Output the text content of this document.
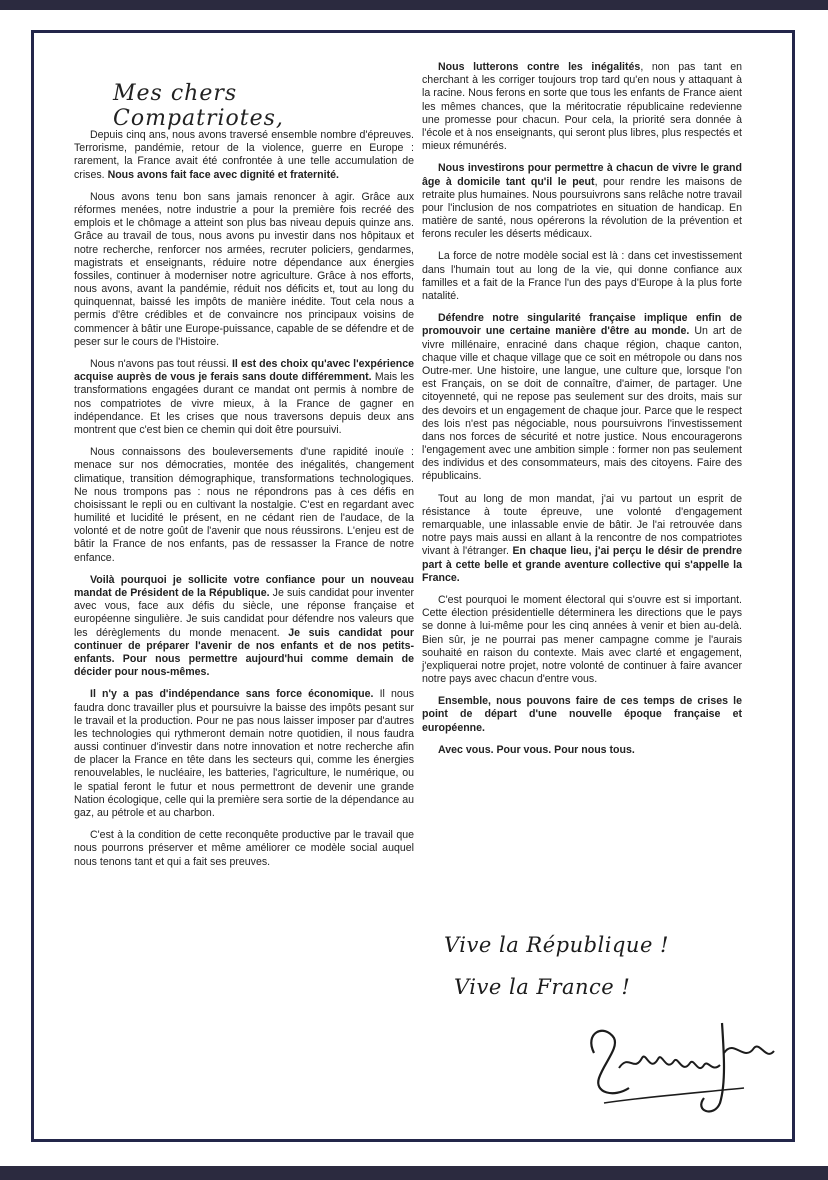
Mes chers Compatriotes,

Depuis cinq ans, nous avons traversé ensemble nombre d'épreuves. Terrorisme, pandémie, retour de la violence, guerre en Europe : rarement, la France avait été confrontée à une telle accumulation de crises. Nous avons fait face avec dignité et fraternité.

Nous avons tenu bon sans jamais renoncer à agir. Grâce aux réformes menées, notre industrie a pour la première fois recréé des emplois et le chômage a atteint son plus bas niveau depuis quinze ans. Grâce au travail de tous, nous avons pu investir dans nos hôpitaux et notre recherche, renforcer nos armées, recruter policiers, gendarmes, magistrats et enseignants, réduire notre dépendance aux énergies fossiles, continuer à moderniser notre agriculture. Grâce à nos efforts, nous avons, avant la pandémie, réduit nos déficits et, tout au long du quinquennat, baissé les impôts de manière inédite. Tout cela nous a permis d'être crédibles et de convaincre nos principaux voisins de commencer à bâtir une Europe-puissance, capable de se défendre et de peser sur le cours de l'Histoire.

Nous n'avons pas tout réussi. Il est des choix qu'avec l'expérience acquise auprès de vous je ferais sans doute différemment. Mais les transformations engagées durant ce mandat ont permis à nombre de nos compatriotes de vivre mieux, à la France de gagner en indépendance. Et les crises que nous traversons depuis deux ans montrent que c'est bien ce chemin qui doit être poursuivi.

Nous connaissons des bouleversements d'une rapidité inouïe : menace sur nos démocraties, montée des inégalités, changement climatique, transition démographique, transformations technologiques. Ne nous trompons pas : nous ne répondrons pas à ces défis en choisissant le repli ou en cultivant la nostalgie. C'est en regardant avec humilité et lucidité le présent, en ne cédant rien de l'audace, de la volonté et de notre goût de l'avenir que nous réussirons. L'enjeu est de bâtir la France de nos enfants, pas de ressasser la France de notre enfance.

Voilà pourquoi je sollicite votre confiance pour un nouveau mandat de Président de la République. Je suis candidat pour inventer avec vous, face aux défis du siècle, une réponse française et européenne singulière. Je suis candidat pour défendre nos valeurs que les dérèglements du monde menacent. Je suis candidat pour continuer de préparer l'avenir de nos enfants et de nos petits-enfants. Pour nous permettre aujourd'hui comme demain de décider pour nous-mêmes.

Il n'y a pas d'indépendance sans force économique. Il nous faudra donc travailler plus et poursuivre la baisse des impôts pesant sur le travail et la production. Pour ne pas nous laisser imposer par d'autres les technologies qui rythmeront demain notre quotidien, il nous faudra aussi continuer d'investir dans notre innovation et notre recherche afin de placer la France en tête dans les secteurs qui, comme les énergies renouvelables, le nucléaire, les batteries, l'agriculture, le numérique, ou le spatial feront le futur et nous permettront de devenir une grande Nation écologique, celle qui la première sera sortie de la dépendance au gaz, au pétrole et au charbon.

C'est à la condition de cette reconquête productive par le travail que nous pourrons préserver et même améliorer ce modèle social auquel nous tenons tant et qui a fait ses preuves.

Nous lutterons contre les inégalités, non pas tant en cherchant à les corriger toujours trop tard qu'en nous y attaquant à la racine. Nous ferons en sorte que tous les enfants de France aient les mêmes chances, que la méritocratie républicaine redevienne une promesse pour chacun. Pour cela, la priorité sera donnée à l'école et à nos enseignants, qui seront plus libres, plus respectés et mieux rémunérés.

Nous investirons pour permettre à chacun de vivre le grand âge à domicile tant qu'il le peut, pour rendre les maisons de retraite plus humaines. Nous poursuivrons sans relâche notre travail pour l'inclusion de nos compatriotes en situation de handicap. En matière de santé, nous opérerons la révolution de la prévention et ferons reculer les déserts médicaux.

La force de notre modèle social est là : dans cet investissement dans l'humain tout au long de la vie, qui donne confiance aux familles et a fait de la France l'un des pays d'Europe à la plus forte natalité.

Défendre notre singularité française implique enfin de promouvoir une certaine manière d'être au monde. Un art de vivre millénaire, enraciné dans chaque région, chaque canton, chaque ville et chaque village que ce soit en métropole ou dans nos Outre-mer. Une histoire, une langue, une culture que, lorsque l'on est Français, on se doit de connaître, d'aimer, de partager. Une citoyenneté, qui ne repose pas seulement sur des droits, mais sur des devoirs et un engagement de chaque jour. Parce que le respect des lois n'est pas négociable, nous poursuivrons l'investissement dans nos forces de sécurité et notre justice. Nous encouragerons l'engagement avec une ambition simple : former non pas seulement des individus et des consommateurs, mais des citoyens. Faire des républicains.

Tout au long de mon mandat, j'ai vu partout un esprit de résistance à toute épreuve, une volonté d'engagement remarquable, une inlassable envie de bâtir. Je l'ai retrouvée dans notre pays mais aussi en allant à la rencontre de nos compatriotes vivant à l'étranger. En chaque lieu, j'ai perçu le désir de prendre part à cette belle et grande aventure collective qui s'appelle la France.

C'est pourquoi le moment électoral qui s'ouvre est si important. Cette élection présidentielle déterminera les directions que le pays se donne à lui-même pour les cinq années à venir et bien au-delà. Bien sûr, je ne pourrai pas mener campagne comme je l'aurais souhaité en raison du contexte. Mais avec clarté et engagement, j'expliquerai notre projet, notre volonté de continuer à faire avancer notre pays avec chacun d'entre vous.

Ensemble, nous pouvons faire de ces temps de crises le point de départ d'une nouvelle époque française et européenne.

Avec vous. Pour vous. Pour nous tous.

Vive la République !
Vive la France !
